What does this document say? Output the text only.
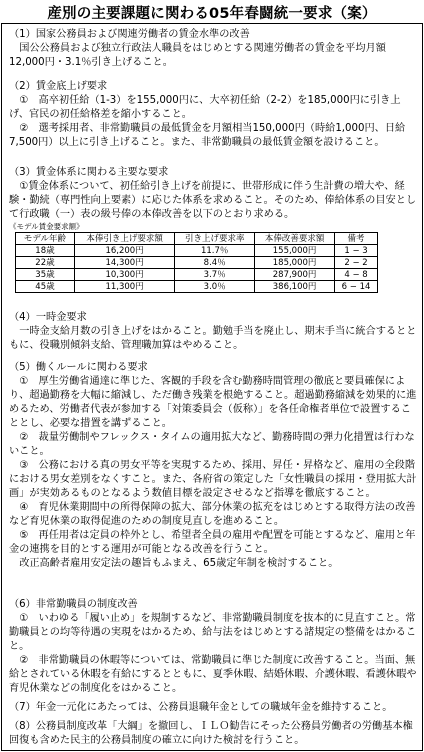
産別の主要課題に関わる05年春闘統一要求（案）
（1）国家公務員および関連労働者の賃金水準の改善
国公公務員および独立行政法人職員をはじめとする関連労働者の賃金を平均月額12,000円・3.1％引き上げること。
（2）賃金底上げ要求
①　高卒初任給（1-3）を155,000円に、大卒初任給（2-2）を185,000円に引き上げ、官民の初任給格差を縮小すること。
②　選考採用者、非常勤職員の最低賃金を月額相当150,000円（時給1,000円、日給7,500円）以上に引き上げること。また、非常勤職員の最低賃金額を設けること。
（3）賃金体系に関わる主要な要求
①賃金体系について、初任給引き上げを前提に、世帯形成に伴う生計費の増大や、経験・勤続（専門性向上要素）に応じた体系を求めること。そのため、俸給体系の目安として行政職（一）表の級号俸の本俸改善を以下のとおり求める。
《モデル賃金要求額》
モデル年齢	本俸引き上げ要求額	引き上げ要求率	本俸改善要求額	備考
18歳	16,200円	11.7％	155,000円	1 − 3
22歳	14,300円	8.4％	185,000円	2 − 2
35歳	10,300円	3.7％	287,900円	4 − 8
45歳	11,300円	3.0％	386,100円	6 − 14
（4）一時金要求
一時金支給月数の引き上げをはかること。勤勉手当を廃止し、期末手当に統合するとともに、役職別傾斜支給、管理職加算はやめること。
（5）働くルールに関わる要求
①　厚生労働省通達に準じた、客観的手段を含む勤務時間管理の徹底と要員確保により、超過勤務を大幅に縮減し、ただ働き残業を根絶すること。超過勤務縮減を効果的に進めるため、労働者代表が参加する「対策委員会（仮称）」を各任命権者単位で設置することとし、必要な措置を講ずること。
②　裁量労働制やフレックス・タイムの適用拡大など、勤務時間の弾力化措置は行わないこと。
③　公務における真の男女平等を実現するため、採用、昇任・昇格など、雇用の全段階における男女差別をなくすこと。また、各府省の策定した「女性職員の採用・登用拡大計画」が実効あるものとなるよう数値目標を設定させるなど指導を徹底すること。
④　育児休業期間中の所得保障の拡大、部分休業の拡充をはじめとする取得方法の改善など育児休業の取得促進のための制度見直しを進めること。
⑤　再任用者は定員の枠外とし、希望者全員の雇用や配置を可能とするなど、雇用と年金の連携を目的とする運用が可能となる改善を行うこと。
改正高齢者雇用安定法の趣旨もふまえ、65歳定年制を検討すること。
（6）非常勤職員の制度改善
①　いわゆる「履い止め」を規制するなど、非常勤職員制度を抜本的に見直すこと。常勤職員との均等待遇の実現をはかるため、給与法をはじめとする諸規定の整備をはかること。
②　非常勤職員の休暇等については、常勤職員に準じた制度に改善すること。当面、無給とされている休暇を有給にするとともに、夏季休暇、結婚休暇、介護休暇、看護休暇や育児休業などの制度化をはかること。
（7）年金一元化にあたっては、公務員退職年金としての職域年金を維持すること。
（8）公務員制度改革「大綱」を撤回し、ＩＬＯ勧告にそった公務員労働者の労働基本権回復も含めた民主的公務員制度の確立に向けた検討を行うこと。
